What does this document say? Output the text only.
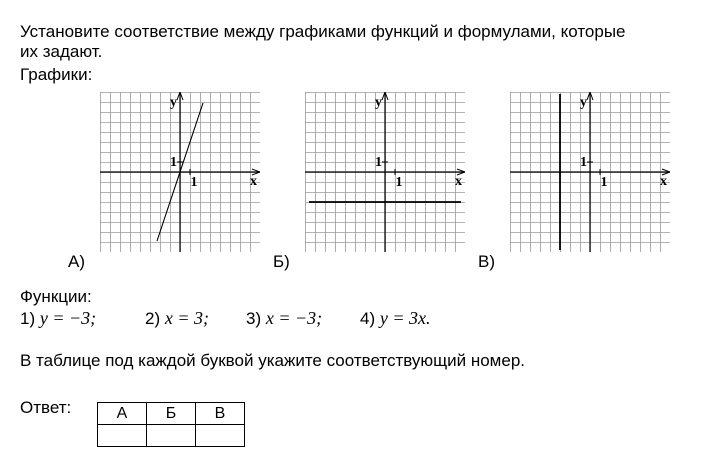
Установите соответствие между графиками функций и формулами, которые
их задают.
Графики:
y
x
1
1
А)
y
x
1
1
Б)
y
x
1
1
В)
Функции:
1) y = −3;	2) x = 3; 3) x = −3; 4) y = 3x.
В таблице под каждой буквой укажите соответствующий номер.
Ответ:	А	Б	В
